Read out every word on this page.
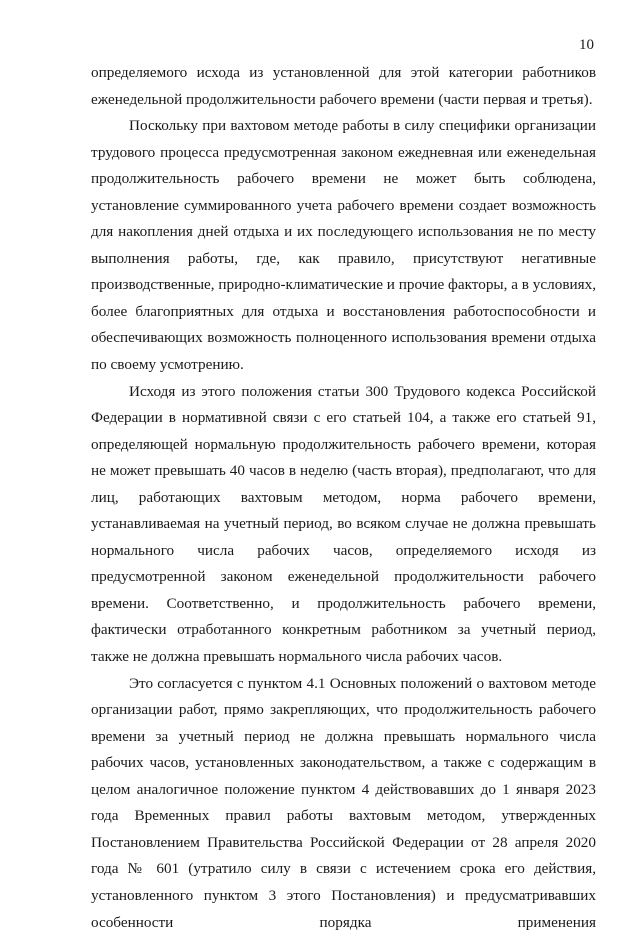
10

определяемого исхода из установленной для этой категории работников еженедельной продолжительности рабочего времени (части первая и третья).

Поскольку при вахтовом методе работы в силу специфики организации трудового процесса предусмотренная законом ежедневная или еженедельная продолжительность рабочего времени не может быть соблюдена, установление суммированного учета рабочего времени создает возможность для накопления дней отдыха и их последующего использования не по месту выполнения работы, где, как правило, присутствуют негативные производственные, природно-климатические и прочие факторы, а в условиях, более благоприятных для отдыха и восстановления работоспособности и обеспечивающих возможность полноценного использования времени отдыха по своему усмотрению.

Исходя из этого положения статьи 300 Трудового кодекса Российской Федерации в нормативной связи с его статьей 104, а также его статьей 91, определяющей нормальную продолжительность рабочего времени, которая не может превышать 40 часов в неделю (часть вторая), предполагают, что для лиц, работающих вахтовым методом, норма рабочего времени, устанавливаемая на учетный период, во всяком случае не должна превышать нормального числа рабочих часов, определяемого исходя из предусмотренной законом еженедельной продолжительности рабочего времени. Соответственно, и продолжительность рабочего времени, фактически отработанного конкретным работником за учетный период, также не должна превышать нормального числа рабочих часов.

Это согласуется с пунктом 4.1 Основных положений о вахтовом методе организации работ, прямо закрепляющих, что продолжительность рабочего времени за учетный период не должна превышать нормального числа рабочих часов, установленных законодательством, а также с содержащим в целом аналогичное положение пунктом 4 действовавших до 1 января 2023 года Временных правил работы вахтовым методом, утвержденных Постановлением Правительства Российской Федерации от 28 апреля 2020 года № 601 (утратило силу в связи с истечением срока его действия, установленного пунктом 3 этого Постановления) и предусматривавших особенности порядка применения
